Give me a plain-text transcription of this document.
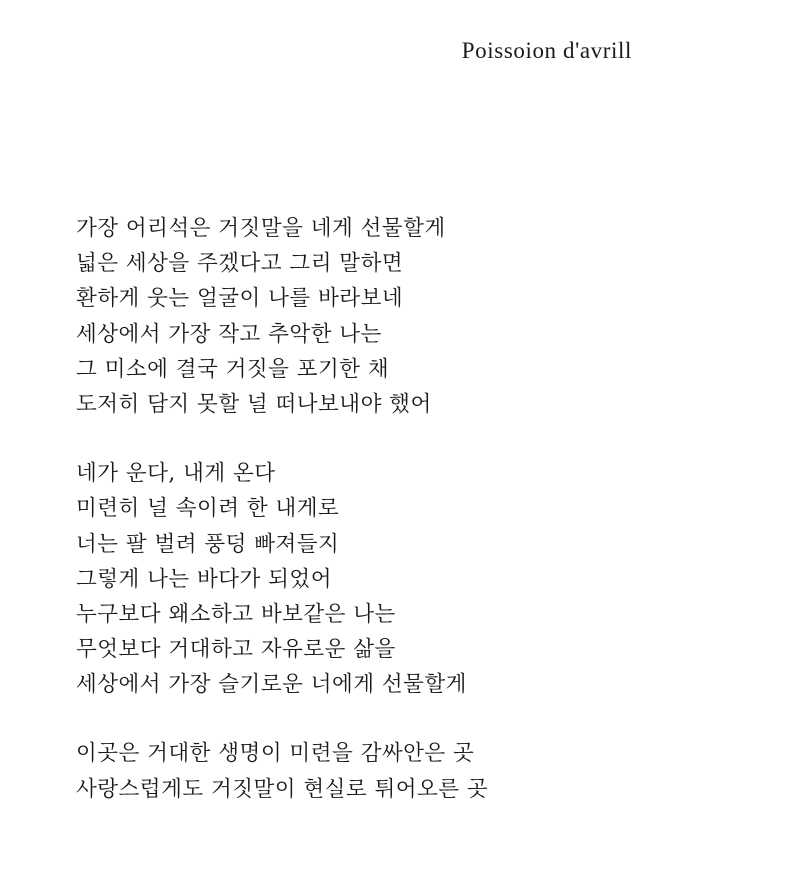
Poissoion d'avrill
가장 어리석은 거짓말을 네게 선물할게
넓은 세상을 주겠다고 그리 말하면
환하게 웃는 얼굴이 나를 바라보네
세상에서 가장 작고 추악한 나는
그 미소에 결국 거짓을 포기한 채
도저히 담지 못할 널 떠나보내야 했어
네가 운다, 내게 온다
미련히 널 속이려 한 내게로
너는 팔 벌려 풍덩 빠져들지
그렇게 나는 바다가 되었어
누구보다 왜소하고 바보같은 나는
무엇보다 거대하고 자유로운 삶을
세상에서 가장 슬기로운 너에게 선물할게
이곳은 거대한 생명이 미련을 감싸안은 곳
사랑스럽게도 거짓말이 현실로 튀어오른 곳
